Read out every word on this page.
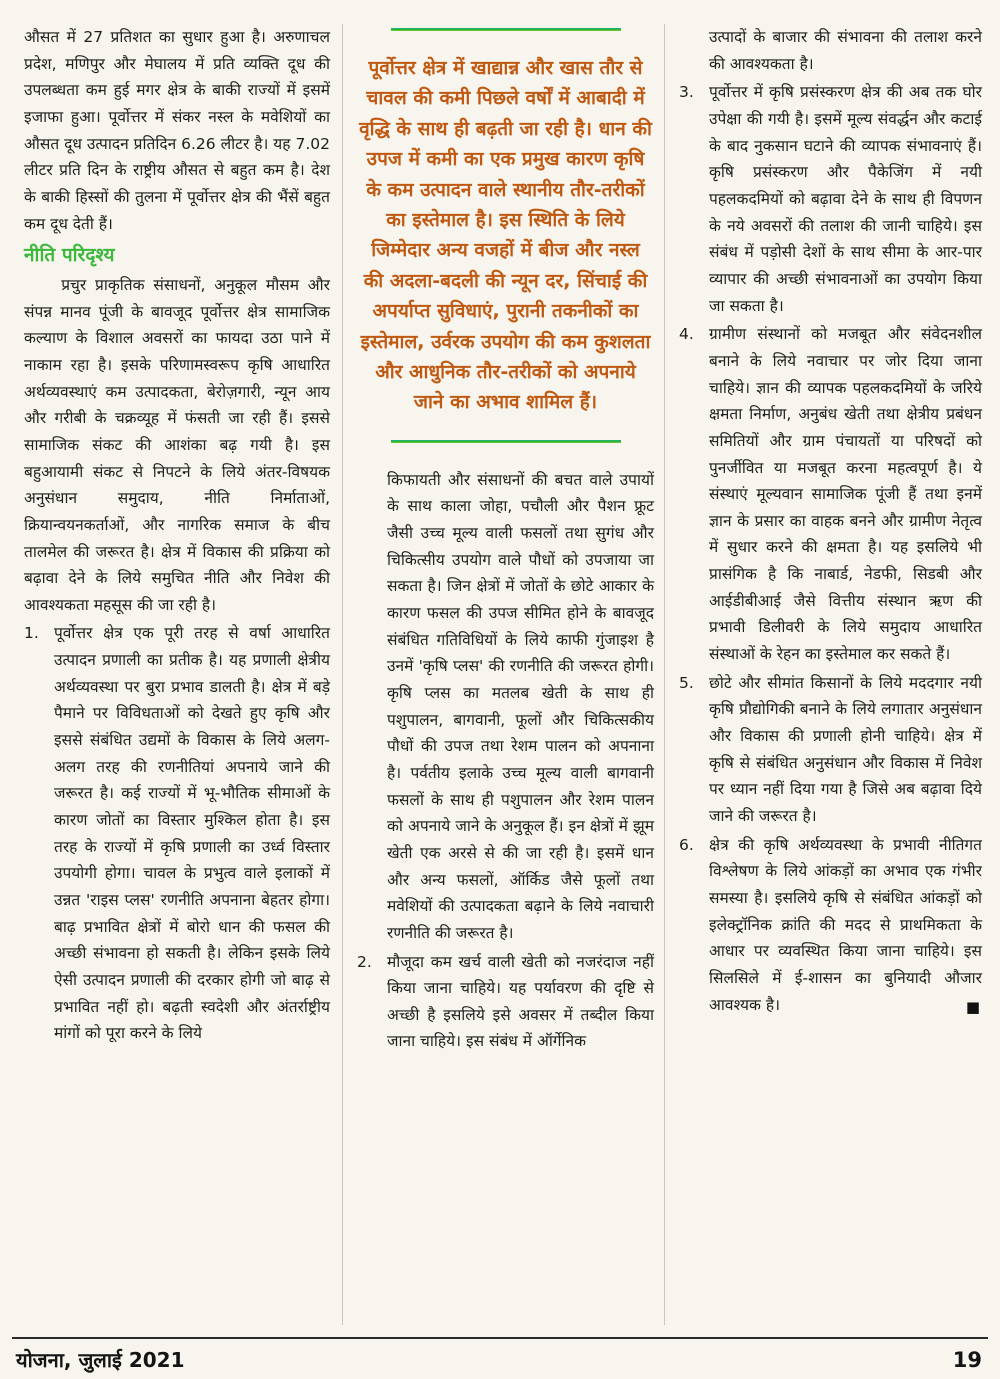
औसत में 27 प्रतिशत का सुधार हुआ है। अरुणाचल प्रदेश, मणिपुर और मेघालय में प्रति व्यक्ति दूध की उपलब्धता कम हुई मगर क्षेत्र के बाकी राज्यों में इसमें इजाफा हुआ। पूर्वोत्तर में संकर नस्ल के मवेशियों का औसत दूध उत्पादन प्रतिदिन 6.26 लीटर है। यह 7.02 लीटर प्रति दिन के राष्ट्रीय औसत से बहुत कम है। देश के बाकी हिस्सों की तुलना में पूर्वोत्तर क्षेत्र की भैंसें बहुत कम दूध देती हैं।

नीति परिदृश्य

प्रचुर प्राकृतिक संसाधनों, अनुकूल मौसम और संपन्न मानव पूंजी के बावजूद पूर्वोत्तर क्षेत्र सामाजिक कल्याण के विशाल अवसरों का फायदा उठा पाने में नाकाम रहा है। इसके परिणामस्वरूप कृषि आधारित अर्थव्यवस्थाएं कम उत्पादकता, बेरोज़गारी, न्यून आय और गरीबी के चक्रव्यूह में फंसती जा रही हैं। इससे सामाजिक संकट की आशंका बढ़ गयी है। इस बहुआयामी संकट से निपटने के लिये अंतर-विषयक अनुसंधान समुदाय, नीति निर्माताओं, क्रियान्वयनकर्ताओं, और नागरिक समाज के बीच तालमेल की जरूरत है। क्षेत्र में विकास की प्रक्रिया को बढ़ावा देने के लिये समुचित नीति और निवेश की आवश्यकता महसूस की जा रही है।

1. पूर्वोत्तर क्षेत्र एक पूरी तरह से वर्षा आधारित उत्पादन प्रणाली का प्रतीक है। यह प्रणाली क्षेत्रीय अर्थव्यवस्था पर बुरा प्रभाव डालती है। क्षेत्र में बड़े पैमाने पर विविधताओं को देखते हुए कृषि और इससे संबंधित उद्यमों के विकास के लिये अलग-अलग तरह की रणनीतियां अपनाये जाने की जरूरत है। कई राज्यों में भू-भौतिक सीमाओं के कारण जोतों का विस्तार मुश्किल होता है। इस तरह के राज्यों में कृषि प्रणाली का उर्ध्व विस्तार उपयोगी होगा। चावल के प्रभुत्व वाले इलाकों में उन्नत 'राइस प्लस' रणनीति अपनाना बेहतर होगा। बाढ़ प्रभावित क्षेत्रों में बोरो धान की फसल की अच्छी संभावना हो सकती है। लेकिन इसके लिये ऐसी उत्पादन प्रणाली की दरकार होगी जो बाढ़ से प्रभावित नहीं हो। बढ़ती स्वदेशी और अंतर्राष्ट्रीय मांगों को पूरा करने के लिये
पूर्वोत्तर क्षेत्र में खाद्यान्न और खास तौर से चावल की कमी पिछले वर्षों में आबादी में वृद्धि के साथ ही बढ़ती जा रही है। धान की उपज में कमी का एक प्रमुख कारण कृषि के कम उत्पादन वाले स्थानीय तौर-तरीकों का इस्तेमाल है। इस स्थिति के लिये जिम्मेदार अन्य वजहों में बीज और नस्ल की अदला-बदली की न्यून दर, सिंचाई की अपर्याप्त सुविधाएं, पुरानी तकनीकों का इस्तेमाल, उर्वरक उपयोग की कम कुशलता और आधुनिक तौर-तरीकों को अपनाये जाने का अभाव शामिल हैं।

किफायती और संसाधनों की बचत वाले उपायों के साथ काला जोहा, पचौली और पैशन फ्रूट जैसी उच्च मूल्य वाली फसलों तथा सुगंध और चिकित्सीय उपयोग वाले पौधों को उपजाया जा सकता है। जिन क्षेत्रों में जोतों के छोटे आकार के कारण फसल की उपज सीमित होने के बावजूद संबंधित गतिविधियों के लिये काफी गुंजाइश है उनमें 'कृषि प्लस' की रणनीति की जरूरत होगी। कृषि प्लस का मतलब खेती के साथ ही पशुपालन, बागवानी, फूलों और चिकित्सकीय पौधों की उपज तथा रेशम पालन को अपनाना है। पर्वतीय इलाके उच्च मूल्य वाली बागवानी फसलों के साथ ही पशुपालन और रेशम पालन को अपनाये जाने के अनुकूल हैं। इन क्षेत्रों में झूम खेती एक अरसे से की जा रही है। इसमें धान और अन्य फसलों, ऑर्किड जैसे फूलों तथा मवेशियों की उत्पादकता बढ़ाने के लिये नवाचारी रणनीति की जरूरत है।

2. मौजूदा कम खर्च वाली खेती को नजरंदाज नहीं किया जाना चाहिये। यह पर्यावरण की दृष्टि से अच्छी है इसलिये इसे अवसर में तब्दील किया जाना चाहिये। इस संबंध में ऑर्गेनिक

उत्पादों के बाजार की संभावना की तलाश करने की आवश्यकता है।

3. पूर्वोत्तर में कृषि प्रसंस्करण क्षेत्र की अब तक घोर उपेक्षा की गयी है। इसमें मूल्य संवर्द्धन और कटाई के बाद नुकसान घटाने की व्यापक संभावनाएं हैं। कृषि प्रसंस्करण और पैकेजिंग में नयी पहलकदमियों को बढ़ावा देने के साथ ही विपणन के नये अवसरों की तलाश की जानी चाहिये। इस संबंध में पड़ोसी देशों के साथ सीमा के आर-पार व्यापार की अच्छी संभावनाओं का उपयोग किया जा सकता है।
4. ग्रामीण संस्थानों को मजबूत और संवेदनशील बनाने के लिये नवाचार पर जोर दिया जाना चाहिये। ज्ञान की व्यापक पहलकदमियों के जरिये क्षमता निर्माण, अनुबंध खेती तथा क्षेत्रीय प्रबंधन समितियों और ग्राम पंचायतों या परिषदों को पुनर्जीवित या मजबूत करना महत्वपूर्ण है। ये संस्थाएं मूल्यवान सामाजिक पूंजी हैं तथा इनमें ज्ञान के प्रसार का वाहक बनने और ग्रामीण नेतृत्व में सुधार करने की क्षमता है। यह इसलिये भी प्रासंगिक है कि नाबार्ड, नेडफी, सिडबी और आईडीबीआई जैसे वित्तीय संस्थान ऋण की प्रभावी डिलीवरी के लिये समुदाय आधारित संस्थाओं के रेहन का इस्तेमाल कर सकते हैं।
5. छोटे और सीमांत किसानों के लिये मददगार नयी कृषि प्रौद्योगिकी बनाने के लिये लगातार अनुसंधान और विकास की प्रणाली होनी चाहिये। क्षेत्र में कृषि से संबंधित अनुसंधान और विकास में निवेश पर ध्यान नहीं दिया गया है जिसे अब बढ़ावा दिये जाने की जरूरत है।
6. क्षेत्र की कृषि अर्थव्यवस्था के प्रभावी नीतिगत विश्लेषण के लिये आंकड़ों का अभाव एक गंभीर समस्या है। इसलिये कृषि से संबंधित आंकड़ों को इलेक्ट्रॉनिक क्रांति की मदद से प्राथमिकता के आधार पर व्यवस्थित किया जाना चाहिये। इस सिलसिले में ई-शासन का बुनियादी औजार आवश्यक है।	■
योजना, जुलाई 2021	19
